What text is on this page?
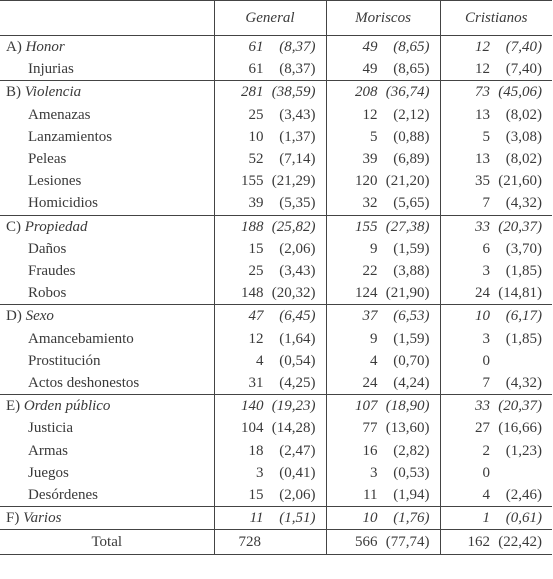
	General	Moriscos	Cristianos
A) Honor	61 (8,37)	49 (8,65)	12 (7,40)
Injurias	61 (8,37)	49 (8,65)	12 (7,40)
B) Violencia	281 (38,59)	208 (36,74)	73 (45,06)
Amenazas	25 (3,43)	12 (2,12)	13 (8,02)
Lanzamientos	10 (1,37)	5 (0,88)	5 (3,08)
Peleas	52 (7,14)	39 (6,89)	13 (8,02)
Lesiones	155 (21,29)	120 (21,20)	35 (21,60)
Homicidios	39 (5,35)	32 (5,65)	7 (4,32)
C) Propiedad	188 (25,82)	155 (27,38)	33 (20,37)
Daños	15 (2,06)	9 (1,59)	6 (3,70)
Fraudes	25 (3,43)	22 (3,88)	3 (1,85)
Robos	148 (20,32)	124 (21,90)	24 (14,81)
D) Sexo	47 (6,45)	37 (6,53)	10 (6,17)
Amancebamiento	12 (1,64)	9 (1,59)	3 (1,85)
Prostitución	4 (0,54)	4 (0,70)	0
Actos deshonestos	31 (4,25)	24 (4,24)	7 (4,32)
E) Orden público	140 (19,23)	107 (18,90)	33 (20,37)
Justicia	104 (14,28)	77 (13,60)	27 (16,66)
Armas	18 (2,47)	16 (2,82)	2 (1,23)
Juegos	3 (0,41)	3 (0,53)	0
Desórdenes	15 (2,06)	11 (1,94)	4 (2,46)
F) Varios	11 (1,51)	10 (1,76)	1 (0,61)
Total	728	566 (77,74)	162 (22,42)
